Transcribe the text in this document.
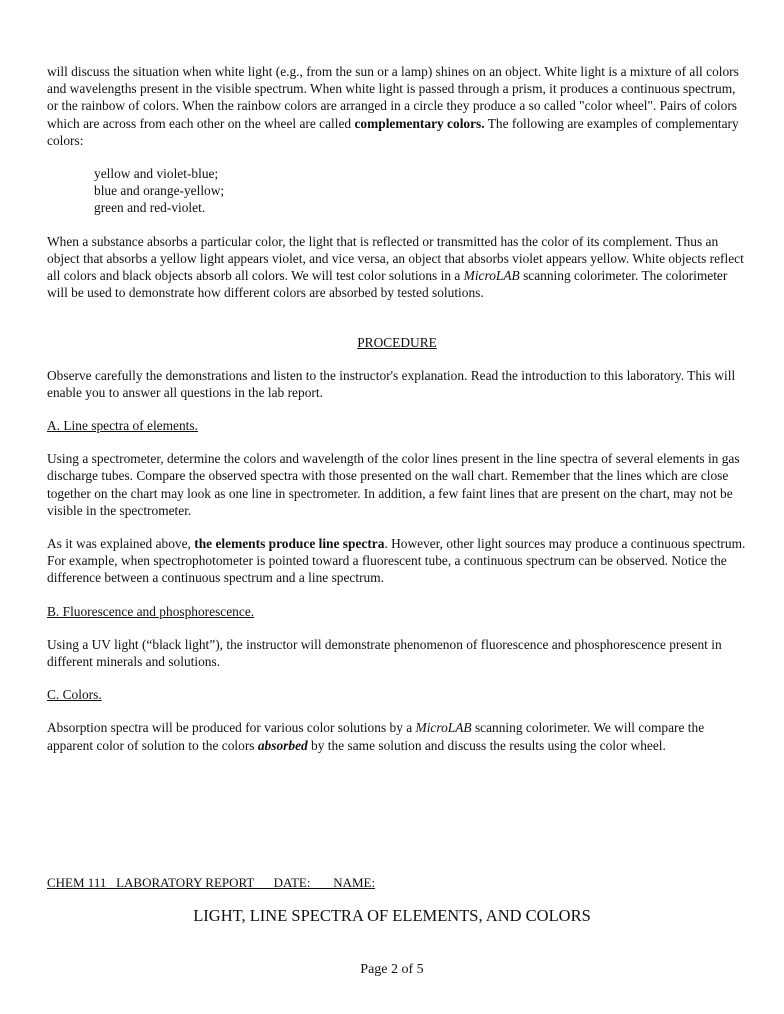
will discuss the situation when white light (e.g., from the sun or a lamp) shines on an object. White light is a mixture of all colors and wavelengths present in the visible spectrum. When white light is passed through a prism, it produces a continuous spectrum, or the rainbow of colors. When the rainbow colors are arranged in a circle they produce a so called "color wheel". Pairs of colors which are across from each other on the wheel are called complementary colors. The following are examples of complementary colors:

yellow and violet-blue;
blue and orange-yellow;
green and red-violet.

When a substance absorbs a particular color, the light that is reflected or transmitted has the color of its complement. Thus an object that absorbs a yellow light appears violet, and vice versa, an object that absorbs violet appears yellow. White objects reflect all colors and black objects absorb all colors. We will test color solutions in a MicroLAB scanning colorimeter. The colorimeter will be used to demonstrate how different colors are absorbed by tested solutions.

PROCEDURE

Observe carefully the demonstrations and listen to the instructor's explanation. Read the introduction to this laboratory. This will enable you to answer all questions in the lab report.

A. Line spectra of elements.

Using a spectrometer, determine the colors and wavelength of the color lines present in the line spectra of several elements in gas discharge tubes. Compare the observed spectra with those presented on the wall chart. Remember that the lines which are close together on the chart may look as one line in spectrometer. In addition, a few faint lines that are present on the chart, may not be visible in the spectrometer.

As it was explained above, the elements produce line spectra. However, other light sources may produce a continuous spectrum. For example, when spectrophotometer is pointed toward a fluorescent tube, a continuous spectrum can be observed. Notice the difference between a continuous spectrum and a line spectrum.

B. Fluorescence and phosphorescence.

Using a UV light (“black light”), the instructor will demonstrate phenomenon of fluorescence and phosphorescence present in different minerals and solutions.

C. Colors.

Absorption spectra will be produced for various color solutions by a MicroLAB scanning colorimeter. We will compare the apparent color of solution to the colors absorbed by the same solution and discuss the results using the color wheel.

CHEM 111   LABORATORY REPORT      DATE:       NAME:
LIGHT, LINE SPECTRA OF ELEMENTS, AND COLORS
Page 2 of 5
